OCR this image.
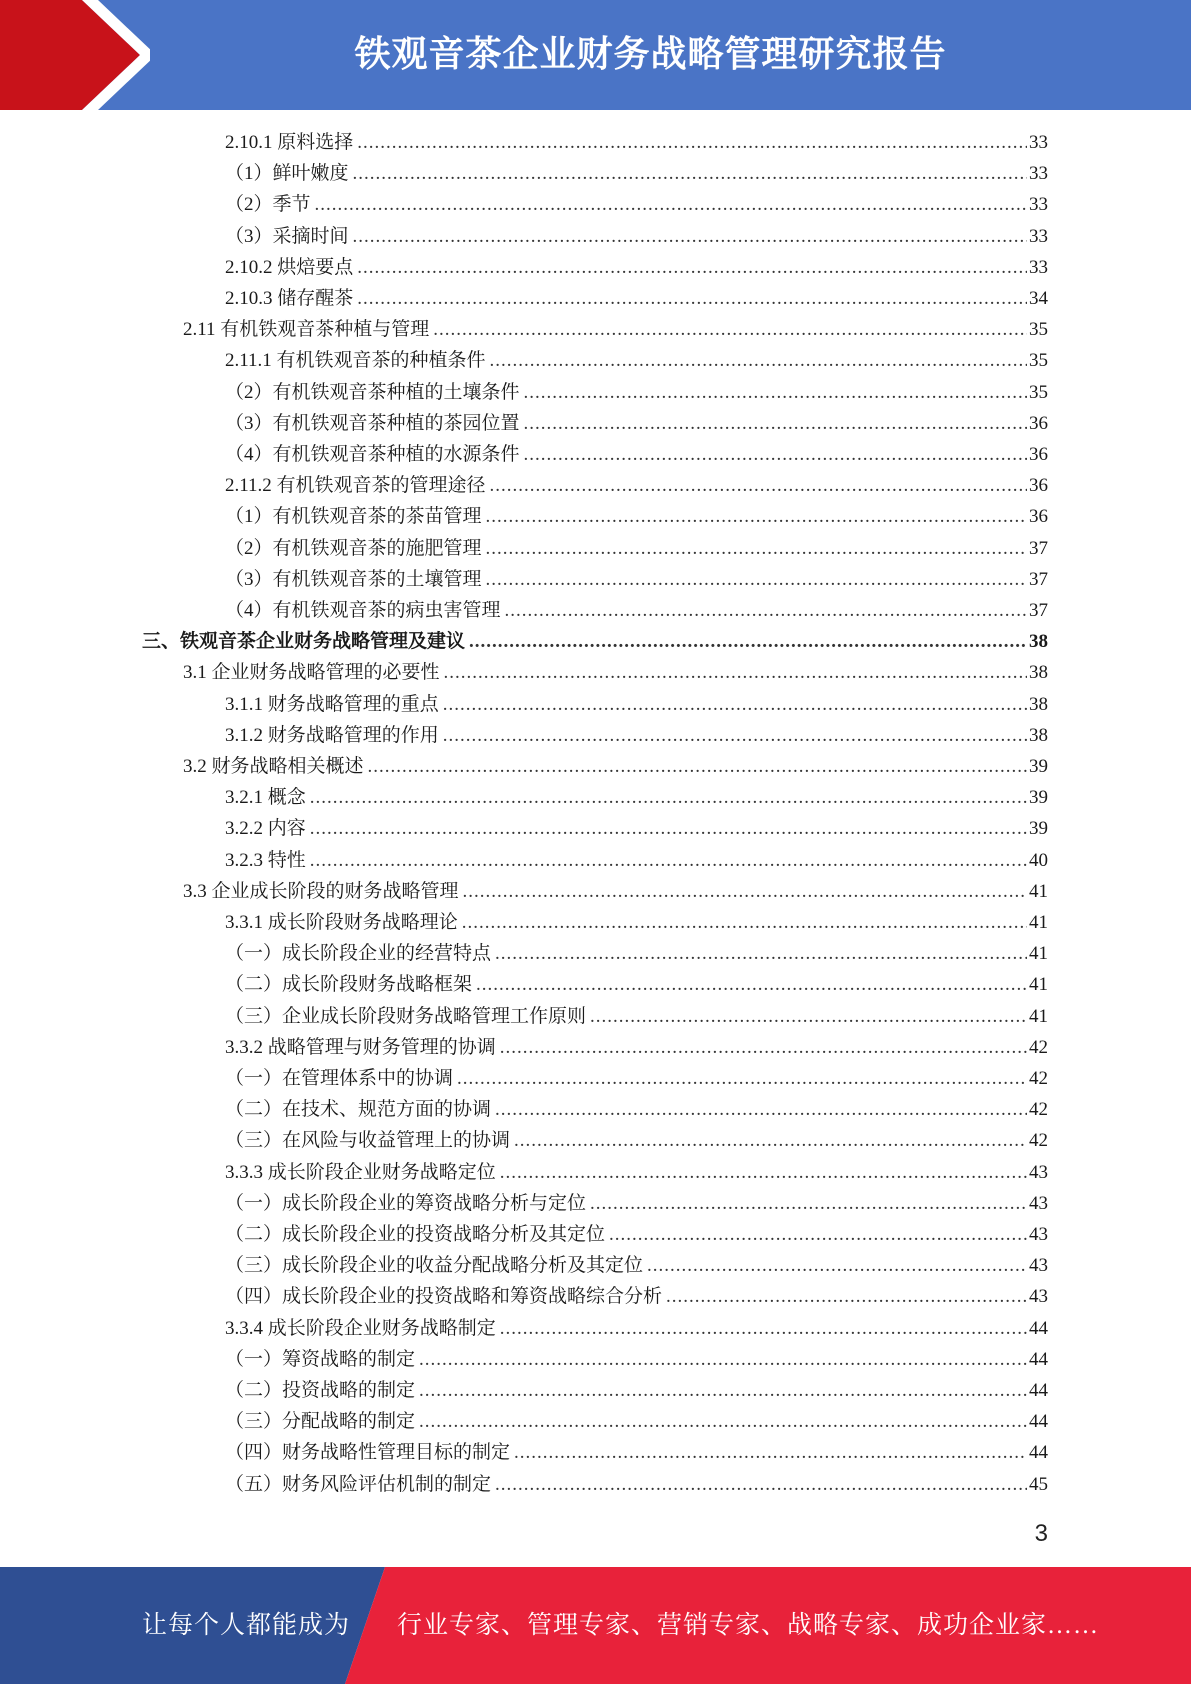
铁观音茶企业财务战略管理研究报告
2.10.1 原料选择 .....	33
（1）鲜叶嫩度 .....	33
（2）季节 .....	33
（3）采摘时间 .....	33
2.10.2 烘焙要点 .....	33
2.10.3 储存醒茶 .....	34
2.11 有机铁观音茶种植与管理 .....	35
2.11.1 有机铁观音茶的种植条件 .....	35
（2）有机铁观音茶种植的土壤条件 .....	35
（3）有机铁观音茶种植的茶园位置 .....	36
（4）有机铁观音茶种植的水源条件 .....	36
2.11.2 有机铁观音茶的管理途径 .....	36
（1）有机铁观音茶的茶苗管理 .....	36
（2）有机铁观音茶的施肥管理 .....	37
（3）有机铁观音茶的土壤管理 .....	37
（4）有机铁观音茶的病虫害管理 .....	37
三、铁观音茶企业财务战略管理及建议 .....	38
3.1 企业财务战略管理的必要性 .....	38
3.1.1 财务战略管理的重点 .....	38
3.1.2 财务战略管理的作用 .....	38
3.2 财务战略相关概述 .....	39
3.2.1 概念 .....	39
3.2.2 内容 .....	39
3.2.3 特性 .....	40
3.3 企业成长阶段的财务战略管理 .....	41
3.3.1 成长阶段财务战略理论 .....	41
（一）成长阶段企业的经营特点 .....	41
（二）成长阶段财务战略框架 .....	41
（三）企业成长阶段财务战略管理工作原则 .....	41
3.3.2 战略管理与财务管理的协调 .....	42
（一）在管理体系中的协调 .....	42
（二）在技术、规范方面的协调 .....	42
（三）在风险与收益管理上的协调 .....	42
3.3.3 成长阶段企业财务战略定位 .....	43
（一）成长阶段企业的筹资战略分析与定位 .....	43
（二）成长阶段企业的投资战略分析及其定位 .....	43
（三）成长阶段企业的收益分配战略分析及其定位 .....	43
（四）成长阶段企业的投资战略和筹资战略综合分析 .....	43
3.3.4 成长阶段企业财务战略制定 .....	44
（一）筹资战略的制定 .....	44
（二）投资战略的制定 .....	44
（三）分配战略的制定 .....	44
（四）财务战略性管理目标的制定 .....	44
（五）财务风险评估机制的制定 .....	45
3
让每个人都能成为 行业专家、管理专家、营销专家、战略专家、成功企业家……
